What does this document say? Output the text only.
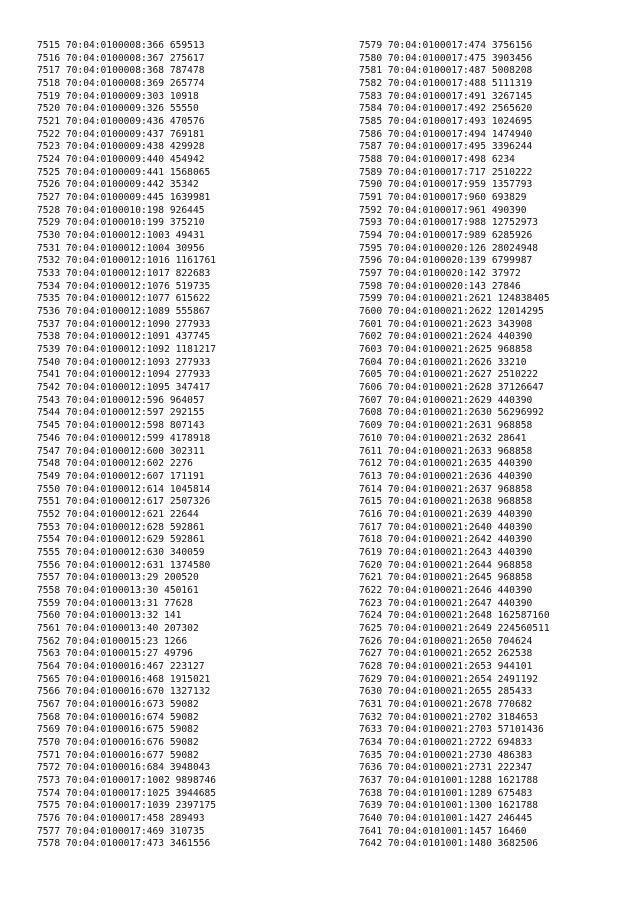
7515 70:04:0100008:366 659513
7516 70:04:0100008:367 275617
7517 70:04:0100008:368 787478
7518 70:04:0100008:369 265774
7519 70:04:0100009:303 10918
7520 70:04:0100009:326 55550
7521 70:04:0100009:436 470576
7522 70:04:0100009:437 769181
7523 70:04:0100009:438 429928
7524 70:04:0100009:440 454942
7525 70:04:0100009:441 1568065
7526 70:04:0100009:442 35342
7527 70:04:0100009:445 1639981
7528 70:04:0100010:198 926445
7529 70:04:0100010:199 375210
7530 70:04:0100012:1003 49431
7531 70:04:0100012:1004 30956
7532 70:04:0100012:1016 1161761
7533 70:04:0100012:1017 822683
7534 70:04:0100012:1076 519735
7535 70:04:0100012:1077 615622
7536 70:04:0100012:1089 555867
7537 70:04:0100012:1090 277933
7538 70:04:0100012:1091 437745
7539 70:04:0100012:1092 1181217
7540 70:04:0100012:1093 277933
7541 70:04:0100012:1094 277933
7542 70:04:0100012:1095 347417
7543 70:04:0100012:596 964057
7544 70:04:0100012:597 292155
7545 70:04:0100012:598 807143
7546 70:04:0100012:599 4178918
7547 70:04:0100012:600 302311
7548 70:04:0100012:602 2276
7549 70:04:0100012:607 171191
7550 70:04:0100012:614 1045814
7551 70:04:0100012:617 2507326
7552 70:04:0100012:621 22644
7553 70:04:0100012:628 592861
7554 70:04:0100012:629 592861
7555 70:04:0100012:630 340059
7556 70:04:0100012:631 1374580
7557 70:04:0100013:29 200520
7558 70:04:0100013:30 450161
7559 70:04:0100013:31 77628
7560 70:04:0100013:32 141
7561 70:04:0100013:40 207302
7562 70:04:0100015:23 1266
7563 70:04:0100015:27 49796
7564 70:04:0100016:467 223127
7565 70:04:0100016:468 1915021
7566 70:04:0100016:670 1327132
7567 70:04:0100016:673 59082
7568 70:04:0100016:674 59082
7569 70:04:0100016:675 59082
7570 70:04:0100016:676 59082
7571 70:04:0100016:677 59082
7572 70:04:0100016:684 3948043
7573 70:04:0100017:1002 9898746
7574 70:04:0100017:1025 3944685
7575 70:04:0100017:1039 2397175
7576 70:04:0100017:458 289493
7577 70:04:0100017:469 310735
7578 70:04:0100017:473 3461556
7579 70:04:0100017:474 3756156
7580 70:04:0100017:475 3903456
7581 70:04:0100017:487 5008208
7582 70:04:0100017:488 5111319
7583 70:04:0100017:491 3267145
7584 70:04:0100017:492 2565620
7585 70:04:0100017:493 1024695
7586 70:04:0100017:494 1474940
7587 70:04:0100017:495 3396244
7588 70:04:0100017:498 6234
7589 70:04:0100017:717 2510222
7590 70:04:0100017:959 1357793
7591 70:04:0100017:960 693829
7592 70:04:0100017:961 490390
7593 70:04:0100017:988 12752973
7594 70:04:0100017:989 6285926
7595 70:04:0100020:126 28024948
7596 70:04:0100020:139 6799987
7597 70:04:0100020:142 37972
7598 70:04:0100020:143 27846
7599 70:04:0100021:2621 124838405
7600 70:04:0100021:2622 12014295
7601 70:04:0100021:2623 343908
7602 70:04:0100021:2624 440390
7603 70:04:0100021:2625 968858
7604 70:04:0100021:2626 33210
7605 70:04:0100021:2627 2510222
7606 70:04:0100021:2628 37126647
7607 70:04:0100021:2629 440390
7608 70:04:0100021:2630 56296992
7609 70:04:0100021:2631 968858
7610 70:04:0100021:2632 28641
7611 70:04:0100021:2633 968858
7612 70:04:0100021:2635 440390
7613 70:04:0100021:2636 440390
7614 70:04:0100021:2637 968858
7615 70:04:0100021:2638 968858
7616 70:04:0100021:2639 440390
7617 70:04:0100021:2640 440390
7618 70:04:0100021:2642 440390
7619 70:04:0100021:2643 440390
7620 70:04:0100021:2644 968858
7621 70:04:0100021:2645 968858
7622 70:04:0100021:2646 440390
7623 70:04:0100021:2647 440390
7624 70:04:0100021:2648 162587160
7625 70:04:0100021:2649 224560511
7626 70:04:0100021:2650 704624
7627 70:04:0100021:2652 262538
7628 70:04:0100021:2653 944101
7629 70:04:0100021:2654 2491192
7630 70:04:0100021:2655 285433
7631 70:04:0100021:2678 770682
7632 70:04:0100021:2702 3184653
7633 70:04:0100021:2703 57101436
7634 70:04:0100021:2722 694833
7635 70:04:0100021:2730 486383
7636 70:04:0100021:2731 222347
7637 70:04:0101001:1288 1621788
7638 70:04:0101001:1289 675483
7639 70:04:0101001:1300 1621788
7640 70:04:0101001:1427 246445
7641 70:04:0101001:1457 16460
7642 70:04:0101001:1480 3682506
